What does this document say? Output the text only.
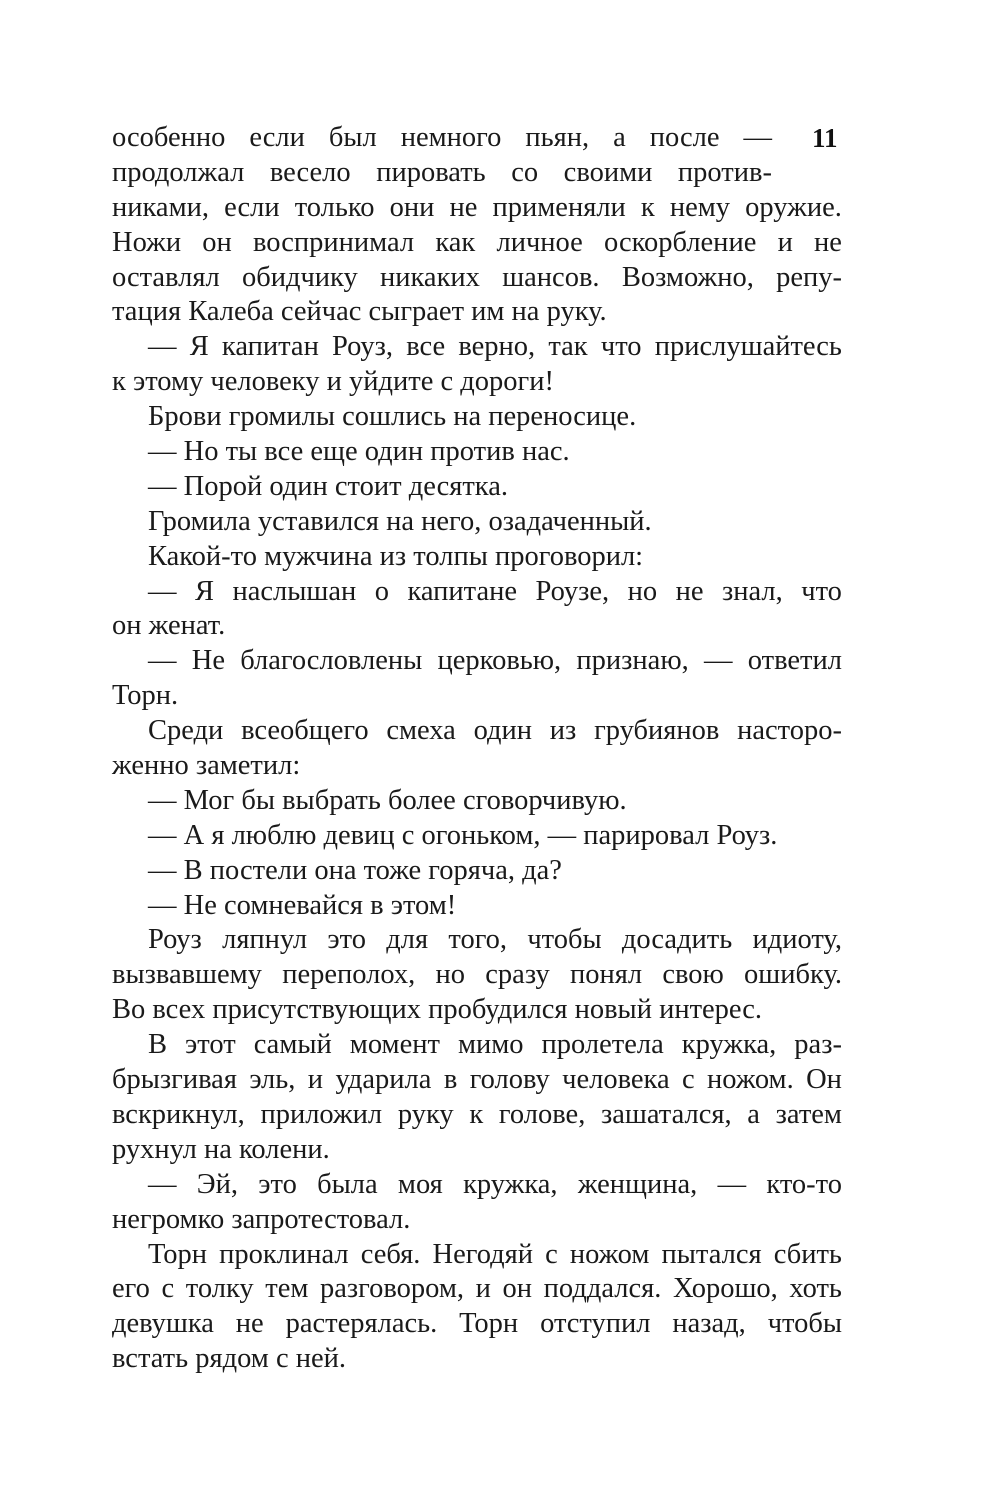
11
особенно если был немного пьян, а после —
продолжал весело пировать со своими против-
никами, если только они не применяли к нему оружие.
Ножи он воспринимал как личное оскорбление и не
оставлял обидчику никаких шансов. Возможно, репу-
тация Калеба сейчас сыграет им на руку.
— Я капитан Роуз, все верно, так что прислушайтесь
к этому человеку и уйдите с дороги!
Брови громилы сошлись на переносице.
— Но ты все еще один против нас.
— Порой один стоит десятка.
Громила уставился на него, озадаченный.
Какой-то мужчина из толпы проговорил:
— Я наслышан о капитане Роузе, но не знал, что
он женат.
— Не благословлены церковью, признаю, — ответил
Торн.
Среди всеобщего смеха один из грубиянов насторо-
женно заметил:
— Мог бы выбрать более сговорчивую.
— А я люблю девиц с огоньком, — парировал Роуз.
— В постели она тоже горяча, да?
— Не сомневайся в этом!
Роуз ляпнул это для того, чтобы досадить идиоту,
вызвавшему переполох, но сразу понял свою ошибку.
Во всех присутствующих пробудился новый интерес.
В этот самый момент мимо пролетела кружка, раз-
брызгивая эль, и ударила в голову человека с ножом. Он
вскрикнул, приложил руку к голове, зашатался, а затем
рухнул на колени.
— Эй, это была моя кружка, женщина, — кто-то
негромко запротестовал.
Торн проклинал себя. Негодяй с ножом пытался сбить
его с толку тем разговором, и он поддался. Хорошо, хоть
девушка не растерялась. Торн отступил назад, чтобы
встать рядом с ней.
